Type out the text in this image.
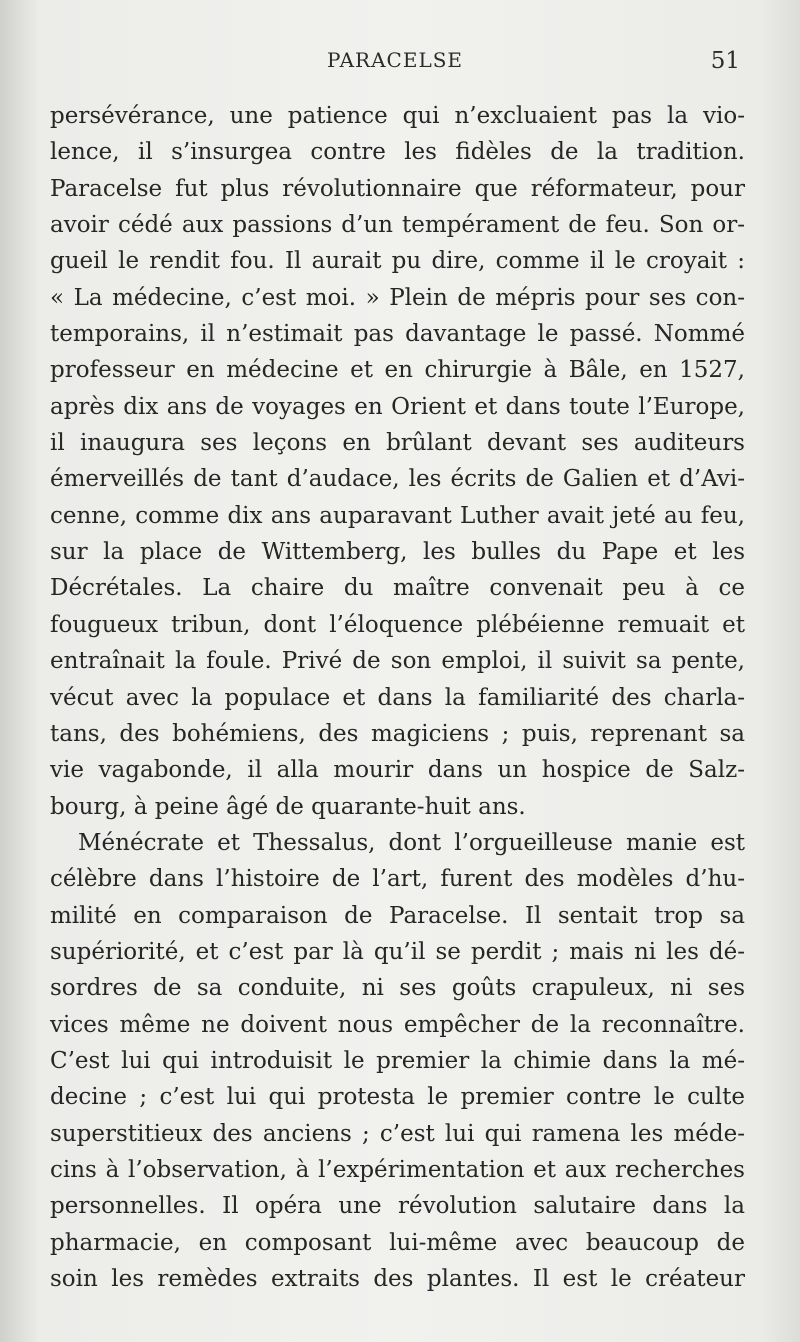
PARACELSE	51
persévérance, une patience qui n’excluaient pas la vio-
lence, il s’insurgea contre les fidèles de la tradition.
Paracelse fut plus révolutionnaire que réformateur, pour
avoir cédé aux passions d’un tempérament de feu. Son or-
gueil le rendit fou. Il aurait pu dire, comme il le croyait :
« La médecine, c’est moi. » Plein de mépris pour ses con-
temporains, il n’estimait pas davantage le passé. Nommé
professeur en médecine et en chirurgie à Bâle, en 1527,
après dix ans de voyages en Orient et dans toute l’Europe,
il inaugura ses leçons en brûlant devant ses auditeurs
émerveillés de tant d’audace, les écrits de Galien et d’Avi-
cenne, comme dix ans auparavant Luther avait jeté au feu,
sur la place de Wittemberg, les bulles du Pape et les
Décrétales. La chaire du maître convenait peu à ce
fougueux tribun, dont l’éloquence plébéienne remuait et
entraînait la foule. Privé de son emploi, il suivit sa pente,
vécut avec la populace et dans la familiarité des charla-
tans, des bohémiens, des magiciens ; puis, reprenant sa
vie vagabonde, il alla mourir dans un hospice de Salz-
bourg, à peine âgé de quarante-huit ans.
Ménécrate et Thessalus, dont l’orgueilleuse manie est
célèbre dans l’histoire de l’art, furent des modèles d’hu-
milité en comparaison de Paracelse. Il sentait trop sa
supériorité, et c’est par là qu’il se perdit ; mais ni les dé-
sordres de sa conduite, ni ses goûts crapuleux, ni ses
vices même ne doivent nous empêcher de la reconnaître.
C’est lui qui introduisit le premier la chimie dans la mé-
decine ; c’est lui qui protesta le premier contre le culte
superstitieux des anciens ; c’est lui qui ramena les méde-
cins à l’observation, à l’expérimentation et aux recherches
personnelles. Il opéra une révolution salutaire dans la
pharmacie, en composant lui-même avec beaucoup de
soin les remèdes extraits des plantes. Il est le créateur
